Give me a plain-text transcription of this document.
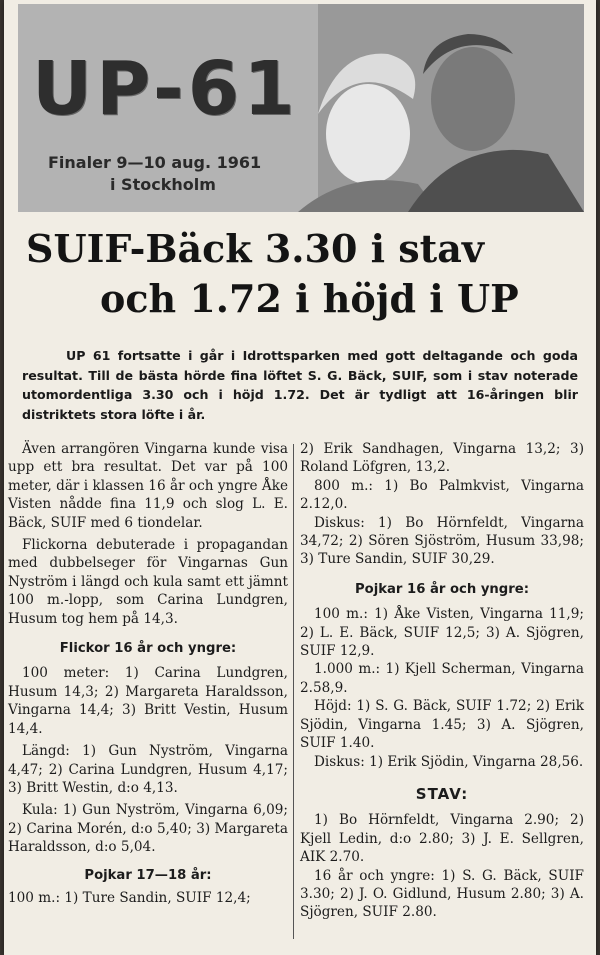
UP-61
Finaler 9—10 aug. 1961
i Stockholm
SUIF-Bäck 3.30 i stav
och 1.72 i höjd i UP

UP 61 fortsatte i går i Idrottsparken med gott deltagande och goda resultat. Till de bästa hörde fina löftet S. G. Bäck, SUIF, som i stav noterade utomordentliga 3.30 och i höjd 1.72. Det är tydligt att 16-åringen blir distriktets stora löfte i år.

Även arrangören Vingarna kunde visa upp ett bra resultat. Det var på 100 meter, där i klassen 16 år och yngre Åke Visten nådde fina 11,9 och slog L. E. Bäck, SUIF med 6 tiondelar.

Flickorna debuterade i propagandan med dubbelseger för Vingarnas Gun Nyström i längd och kula samt ett jämnt 100 m.-lopp, som Carina Lundgren, Husum tog hem på 14,3.

Flickor 16 år och yngre:

100 meter: 1) Carina Lundgren, Husum 14,3; 2) Margareta Haraldsson, Vingarna 14,4; 3) Britt Vestin, Husum 14,4.

Längd: 1) Gun Nyström, Vingarna 4,47; 2) Carina Lundgren, Husum 4,17; 3) Britt Westin, d:o 4,13.

Kula: 1) Gun Nyström, Vingarna 6,09; 2) Carina Morén, d:o 5,40; 3) Margareta Haraldsson, d:o 5,04.

Pojkar 17—18 år:

100 m.: 1) Ture Sandin, SUIF 12,4;

2) Erik Sandhagen, Vingarna 13,2; 3) Roland Löfgren, 13,2.

800 m.: 1) Bo Palmkvist, Vingarna 2.12,0.

Diskus: 1) Bo Hörnfeldt, Vingarna 34,72; 2) Sören Sjöström, Husum 33,98; 3) Ture Sandin, SUIF 30,29.

Pojkar 16 år och yngre:

100 m.: 1) Åke Visten, Vingarna 11,9; 2) L. E. Bäck, SUIF 12,5; 3) A. Sjögren, SUIF 12,9.

1.000 m.: 1) Kjell Scherman, Vingarna 2.58,9.

Höjd: 1) S. G. Bäck, SUIF 1.72; 2) Erik Sjödin, Vingarna 1.45; 3) A. Sjögren, SUIF 1.40.

Diskus: 1) Erik Sjödin, Vingarna 28,56.

STAV:

1) Bo Hörnfeldt, Vingarna 2.90; 2) Kjell Ledin, d:o 2.80; 3) J. E. Sellgren, AIK 2.70.

16 år och yngre: 1) S. G. Bäck, SUIF 3.30; 2) J. O. Gidlund, Husum 2.80; 3) A. Sjögren, SUIF 2.80.
